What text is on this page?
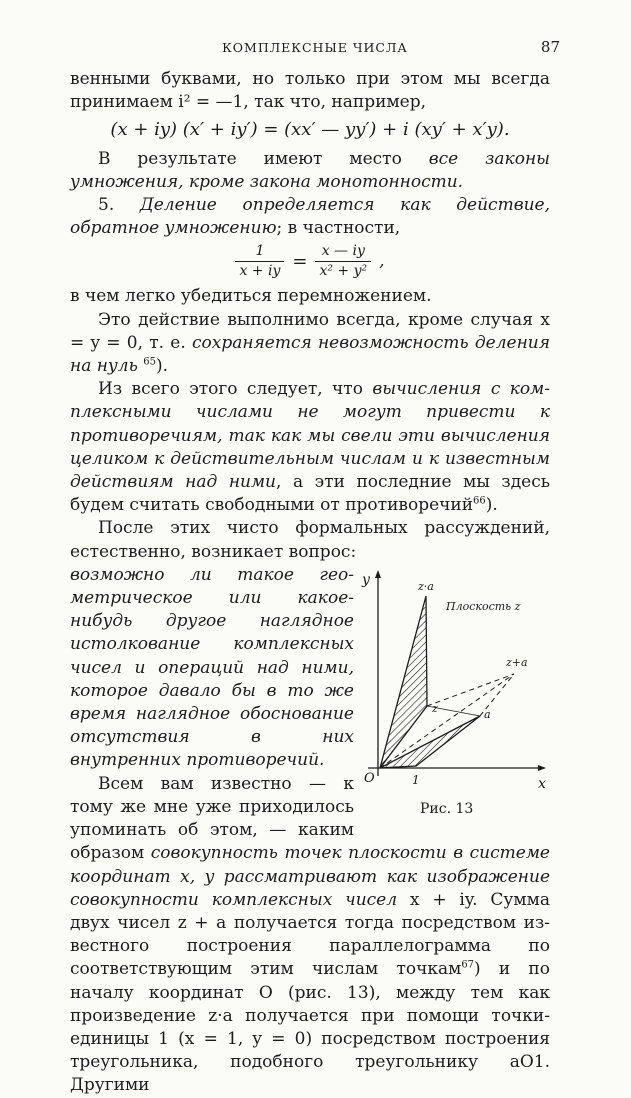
КОМПЛЕКСНЫЕ ЧИСЛА	87

венными буквами, но только при этом мы всегда принимаем i² = —1, так что, например,

(x + iy) (x′ + iy′) = (xx′ — yy′) + i (xy′ + x′y).

В результате имеют место все законы умножения, кроме закона монотонности.

5. Деление определяется как действие, обратное умножению; в частности,

$\frac{1}{x + iy} = \frac{x — iy}{\text{x² + y²}}$ ,

в чем легко убедиться перемножением.

Это действие выполнимо всегда, кроме случая x = y = 0, т. е. сохраняется невозможность деления на нуль $^{65}$).

Из всего этого следует, что вычисления с комплексными числами не могут привести к противоречиям, так как мы свели эти вычисления целиком к действительным числам и к известным действиям над ними, а эти последние мы здесь будем считать свободными от противоречий$^{66}$).

После этих чисто формальных рассуждений, естественно, возникает вопрос:

y
x
O	1
z·a
z	a
z+a
Плоскость z
Рис. 13

возможно ли такое геометрическое или какое-нибудь другое наглядное истолкование комплексных чисел и операций над ними, которое давало бы в то же время наглядное обоснование отсутствия в них внутренних противоречий.

Всем вам известно — к тому же мне уже приходилось упоминать об этом, — каким образом совокупность точек плоскости в системе координат x, y рассматривают как изображение совокупности комплексных чисел x + iy. Сумма двух чисел z + a получается тогда посредством известного построения параллелограмма по соответствующим этим числам точкам$^{67}$) и по началу координат O (рис. 13), между тем как произведение z·a получается при помощи точки-единицы 1 (x = 1, y = 0) посредством построения треугольника, подобного треугольнику aO1. Другими
